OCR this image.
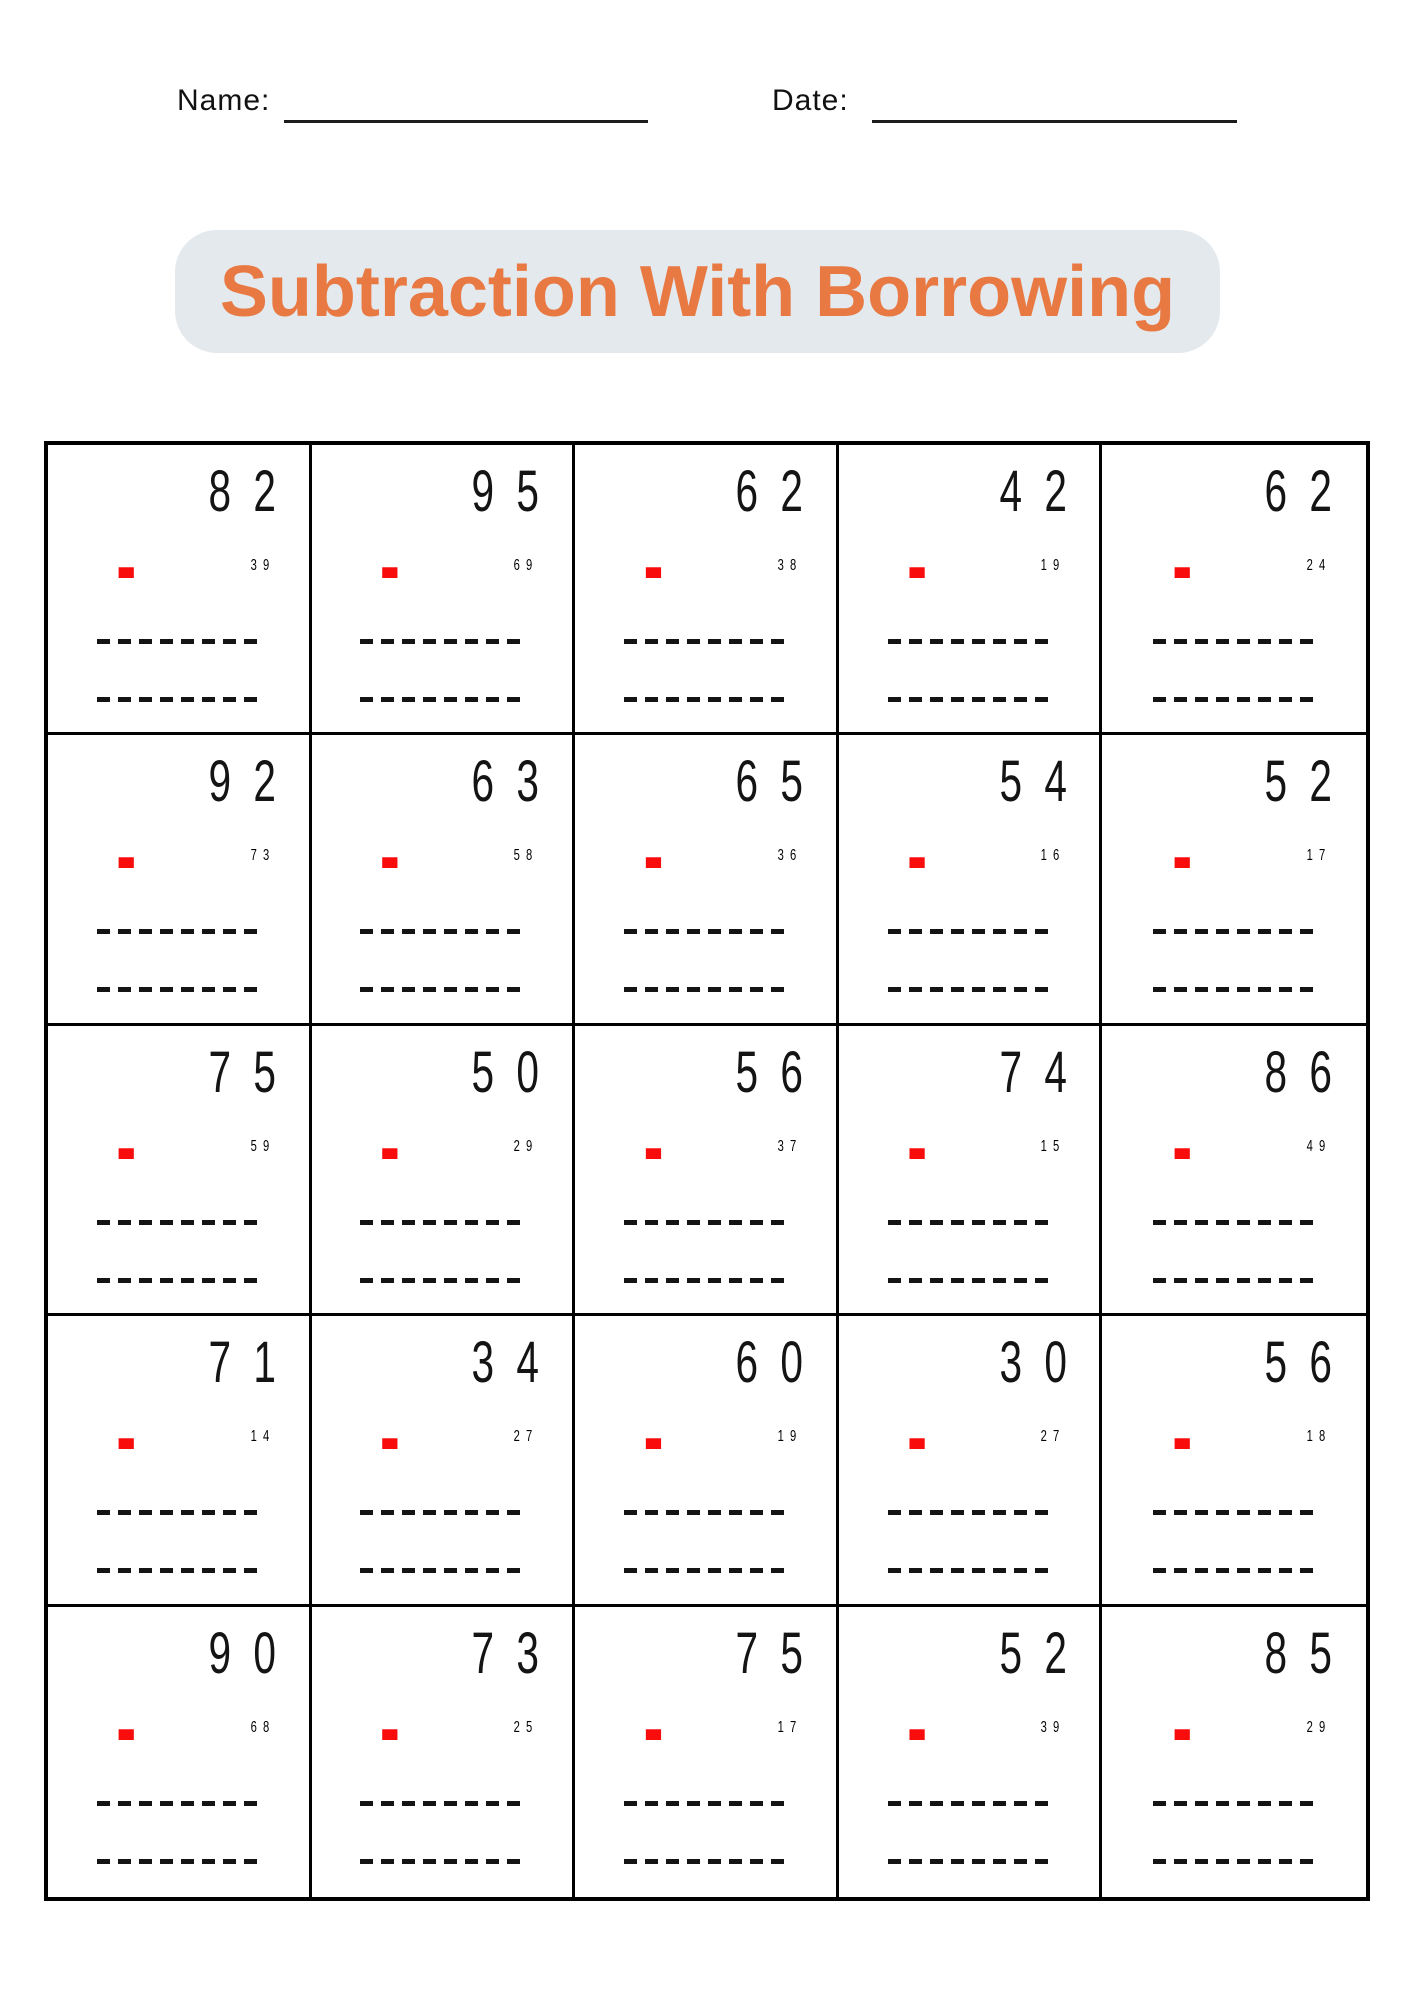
Name:	Date:
Subtraction With Borrowing
82
-	39
95
-	69
62
-	38
42
-	19
62
-	24
92
-	73
63
-	58
65
-	36
54
-	16
52
-	17
75
-	59
50
-	29
56
-	37
74
-	15
86
-	49
71
-	14
34
-	27
60
-	19
30
-	27
56
-	18
90
-	68
73
-	25
75
-	17
52
-	39
85
-	29
